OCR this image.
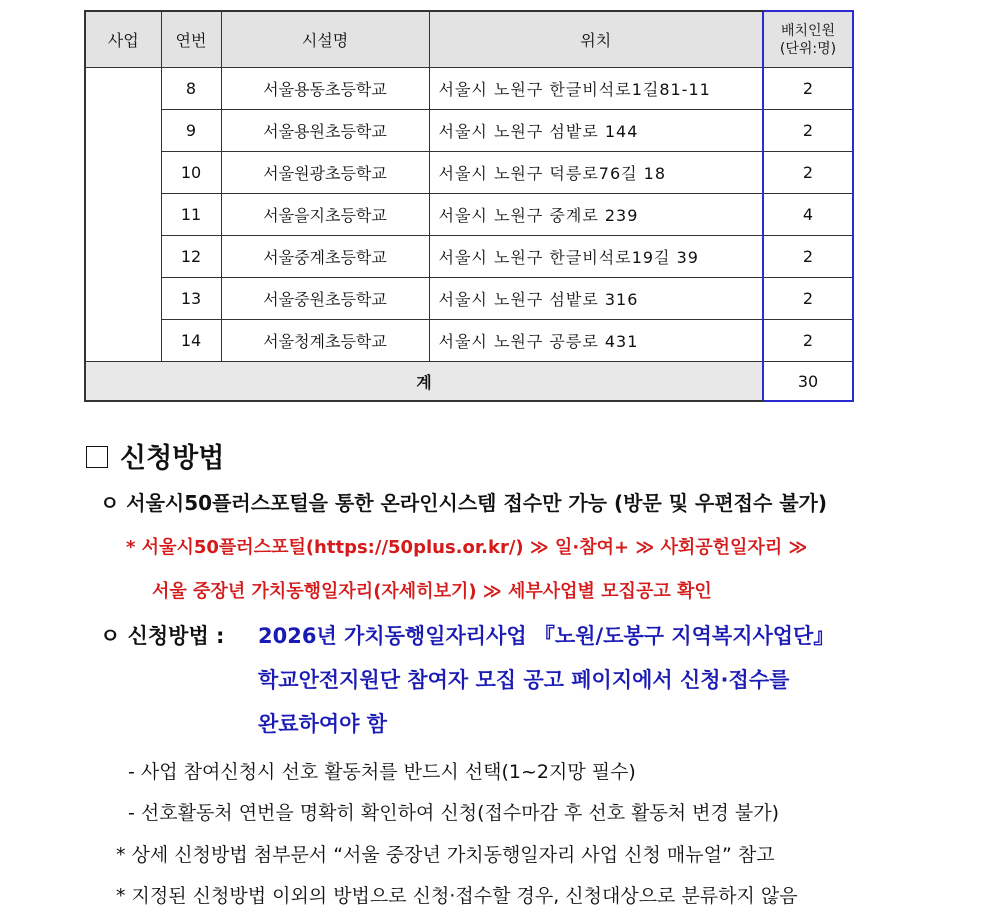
사업	연번	시설명	위치	배치인원
(단위:명)
	8	서울용동초등학교	서울시 노원구 한글비석로1길81-11	2
	9	서울용원초등학교	서울시 노원구 섬밭로 144	2
	10	서울원광초등학교	서울시 노원구 덕릉로76길 18	2
	11	서울을지초등학교	서울시 노원구 중계로 239	4
	12	서울중계초등학교	서울시 노원구 한글비석로19길 39	2
	13	서울중원초등학교	서울시 노원구 섬밭로 316	2
	14	서울청계초등학교	서울시 노원구 공릉로 431	2
계				30
신청방법
ㅇ 서울시50플러스포털을 통한 온라인시스템 접수만 가능 (방문 및 우편접수 불가)
* 서울시50플러스포털(https://50plus.or.kr/) ≫ 일·참여+ ≫ 사회공헌일자리 ≫
서울 중장년 가치동행일자리(자세히보기) ≫ 세부사업별 모집공고 확인
ㅇ 신청방법 : 2026년 가치동행일자리사업 『노원/도봉구 지역복지사업단』
학교안전지원단 참여자 모집 공고 페이지에서 신청·접수를
완료하여야 함
- 사업 참여신청시 선호 활동처를 반드시 선택(1~2지망 필수)
- 선호활동처 연번을 명확히 확인하여 신청(접수마감 후 선호 활동처 변경 불가)
* 상세 신청방법 첨부문서 “서울 중장년 가치동행일자리 사업 신청 매뉴얼” 참고
* 지정된 신청방법 이외의 방법으로 신청·접수할 경우, 신청대상으로 분류하지 않음
